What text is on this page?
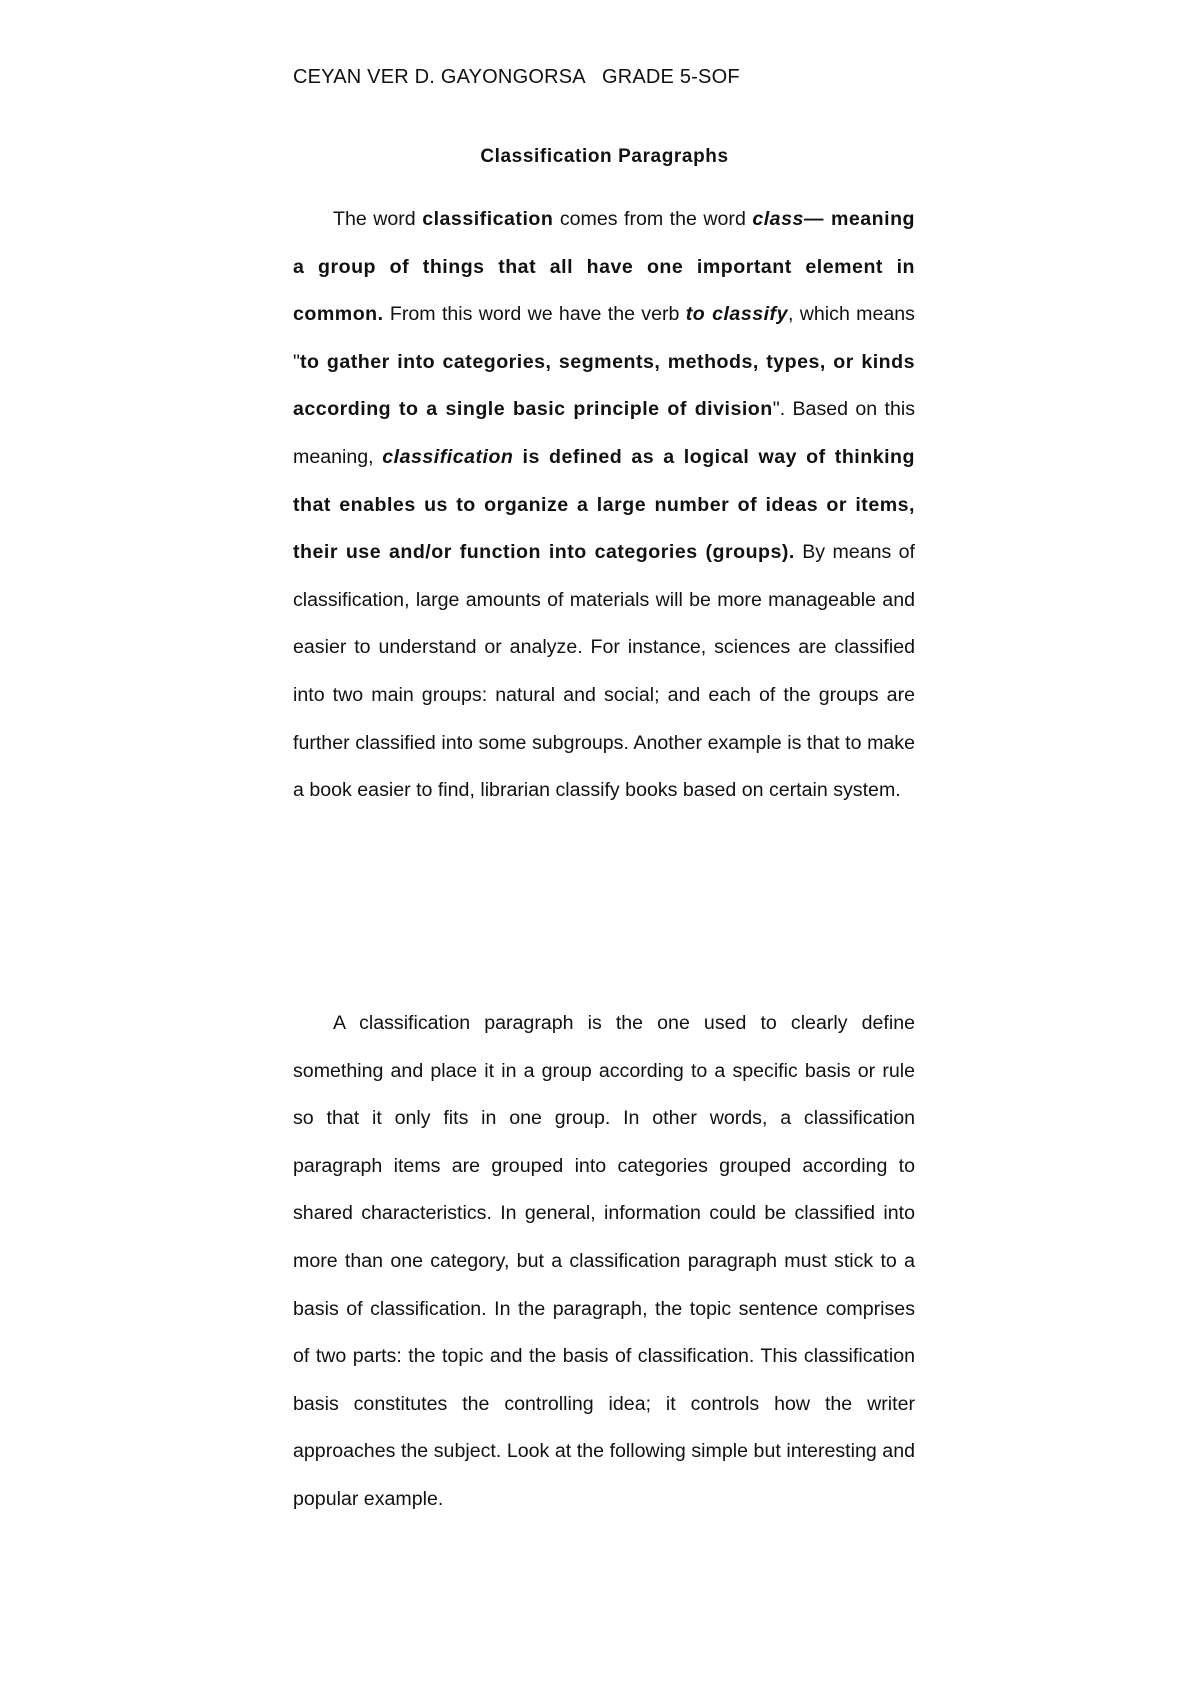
CEYAN VER D. GAYONGORSA   GRADE 5-SOF
Classification Paragraphs

The word classification comes from the word class— meaning a group of things that all have one important element in common. From this word we have the verb to classify, which means "to gather into categories, segments, methods, types, or kinds according to a single basic principle of division". Based on this meaning, classification is defined as a logical way of thinking that enables us to organize a large number of ideas or items, their use and/or function into categories (groups). By means of classification, large amounts of materials will be more manageable and easier to understand or analyze. For instance, sciences are classified into two main groups: natural and social; and each of the groups are further classified into some subgroups. Another example is that to make a book easier to find, librarian classify books based on certain system.

A classification paragraph is the one used to clearly define something and place it in a group according to a specific basis or rule so that it only fits in one group. In other words, a classification paragraph items are grouped into categories grouped according to shared characteristics. In general, information could be classified into more than one category, but a classification paragraph must stick to a basis of classification. In the paragraph, the topic sentence comprises of two parts: the topic and the basis of classification. This classification basis constitutes the controlling idea; it controls how the writer approaches the subject. Look at the following simple but interesting and popular example.
